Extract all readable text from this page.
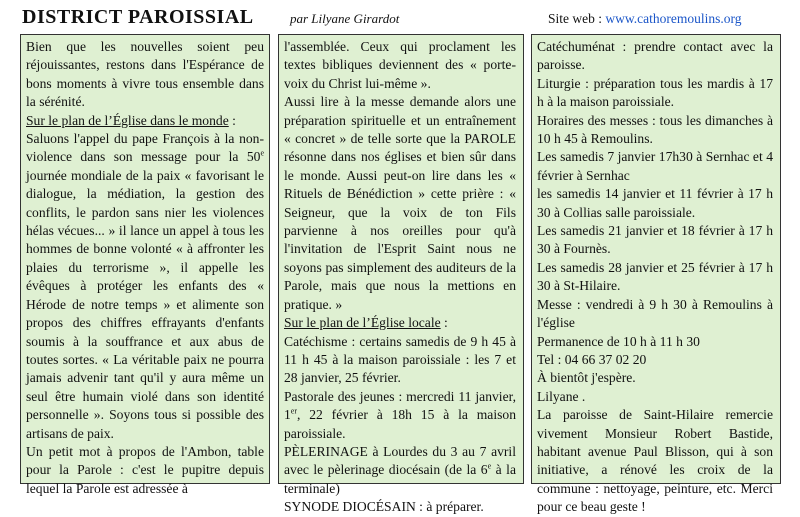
DISTRICT PAROISSIAL	par Lilyane Girardot	Site web : www.cathoremoulins.org

Bien que les nouvelles soient peu réjouissantes, restons dans l'Espérance de bons moments à vivre tous ensemble dans la sérénité.

Sur le plan de l’Église dans le monde :

Saluons l'appel du pape François à la non-violence dans son message pour la 50e journée mondiale de la paix « favorisant le dialogue, la médiation, la gestion des conflits, le pardon sans nier les violences hélas vécues... » il lance un appel à tous les hommes de bonne volonté « à affronter les plaies du terrorisme », il appelle les évêques à protéger les enfants des « Hérode de notre temps » et alimente son propos des chiffres effrayants d'enfants soumis à la souffrance et aux abus de toutes sortes. « La véritable paix ne pourra jamais advenir tant qu'il y aura même un seul être humain violé dans son identité personnelle ». Soyons tous si possible des artisans de paix.

Un petit mot à propos de l'Ambon, table pour la Parole : c'est le pupitre depuis lequel la Parole est adressée à

l'assemblée. Ceux qui proclament les textes bibliques deviennent des « porte-voix du Christ lui-même ».

Aussi lire à la messe demande alors une préparation spirituelle et un entraînement « concret » de telle sorte que la PAROLE résonne dans nos églises et bien sûr dans le monde. Aussi peut-on lire dans les « Rituels de Bénédiction » cette prière : « Seigneur, que la voix de ton Fils parvienne à nos oreilles pour qu'à l'invitation de l'Esprit Saint nous ne soyons pas simplement des auditeurs de la Parole, mais que nous la mettions en pratique. »

Sur le plan de l’Église locale :

Catéchisme : certains samedis de 9 h 45 à 11 h 45 à la maison paroissiale : les 7 et 28 janvier, 25 février.

Pastorale des jeunes : mercredi 11 janvier, 1er, 22 février à 18h 15 à la maison paroissiale.

PÈLERINAGE à Lourdes du 3 au 7 avril avec le pèlerinage diocésain (de la 6e à la terminale)

SYNODE DIOCÉSAIN : à préparer.

Catéchuménat : prendre contact avec la paroisse.

Liturgie : préparation tous les mardis à 17 h à la maison paroissiale.

Horaires des messes : tous les dimanches à 10 h 45 à Remoulins.

Les samedis 7 janvier 17h30 à Sernhac et 4 février à Sernhac

les samedis 14 janvier et 11 février à 17 h 30 à Collias salle paroissiale.

Les samedis 21 janvier et 18 février à 17 h 30 à Fournès.

Les samedis 28 janvier et 25 février à 17 h 30 à St-Hilaire.

Messe : vendredi à 9 h 30 à Remoulins à l'église

Permanence de 10 h à 11 h 30

Tel : 04 66 37 02 20

À bientôt j'espère.

Lilyane .

La paroisse de Saint-Hilaire remercie vivement Monsieur Robert Bastide, habitant avenue Paul Blisson, qui à son initiative, a rénové les croix de la commune : nettoyage, peinture, etc. Merci pour ce beau geste !
